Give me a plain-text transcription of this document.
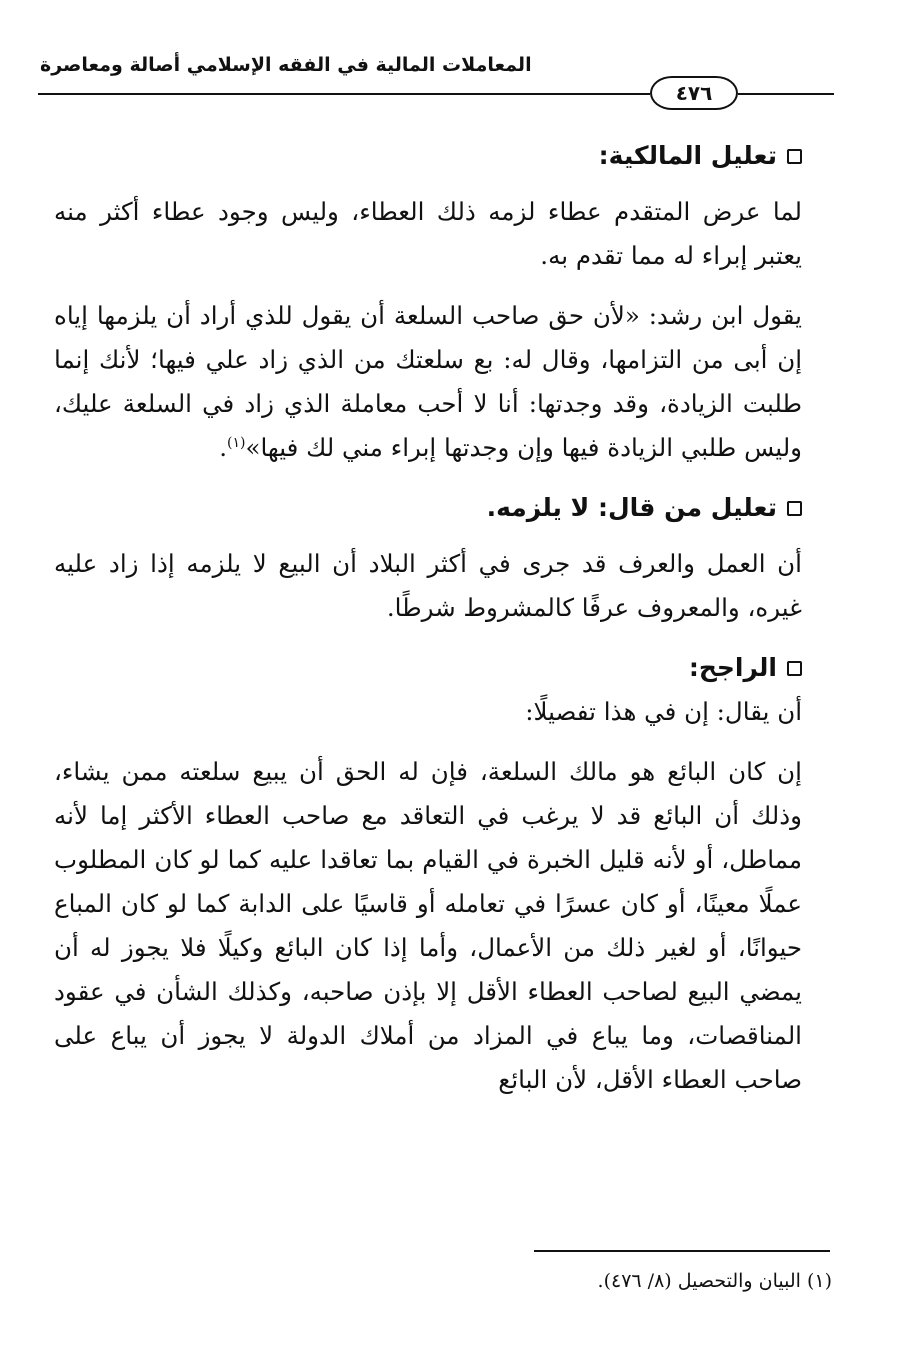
المعاملات المالية في الفقه الإسلامي أصالة ومعاصرة
٤٧٦
تعليل المالكية:

لما عرض المتقدم عطاء لزمه ذلك العطاء، وليس وجود عطاء أكثر منه يعتبر إبراء له مما تقدم به.

يقول ابن رشد: «لأن حق صاحب السلعة أن يقول للذي أراد أن يلزمها إياه إن أبى من التزامها، وقال له: بع سلعتك من الذي زاد علي فيها؛ لأنك إنما طلبت الزيادة، وقد وجدتها: أنا لا أحب معاملة الذي زاد في السلعة عليك، وليس طلبي الزيادة فيها وإن وجدتها إبراء مني لك فيها»$^{(١)}$.

تعليل من قال: لا يلزمه.

أن العمل والعرف قد جرى في أكثر البلاد أن البيع لا يلزمه إذا زاد عليه غيره، والمعروف عرفًا كالمشروط شرطًا.

الراجح:

أن يقال: إن في هذا تفصيلًا:

إن كان البائع هو مالك السلعة، فإن له الحق أن يبيع سلعته ممن يشاء، وذلك أن البائع قد لا يرغب في التعاقد مع صاحب العطاء الأكثر إما لأنه مماطل، أو لأنه قليل الخبرة في القيام بما تعاقدا عليه كما لو كان المطلوب عملًا معينًا، أو كان عسرًا في تعامله أو قاسيًا على الدابة كما لو كان المباع حيوانًا، أو لغير ذلك من الأعمال، وأما إذا كان البائع وكيلًا فلا يجوز له أن يمضي البيع لصاحب العطاء الأقل إلا بإذن صاحبه، وكذلك الشأن في عقود المناقصات، وما يباع في المزاد من أملاك الدولة لا يجوز أن يباع على صاحب العطاء الأقل، لأن البائع

(١) البيان والتحصيل (٨/ ٤٧٦).
